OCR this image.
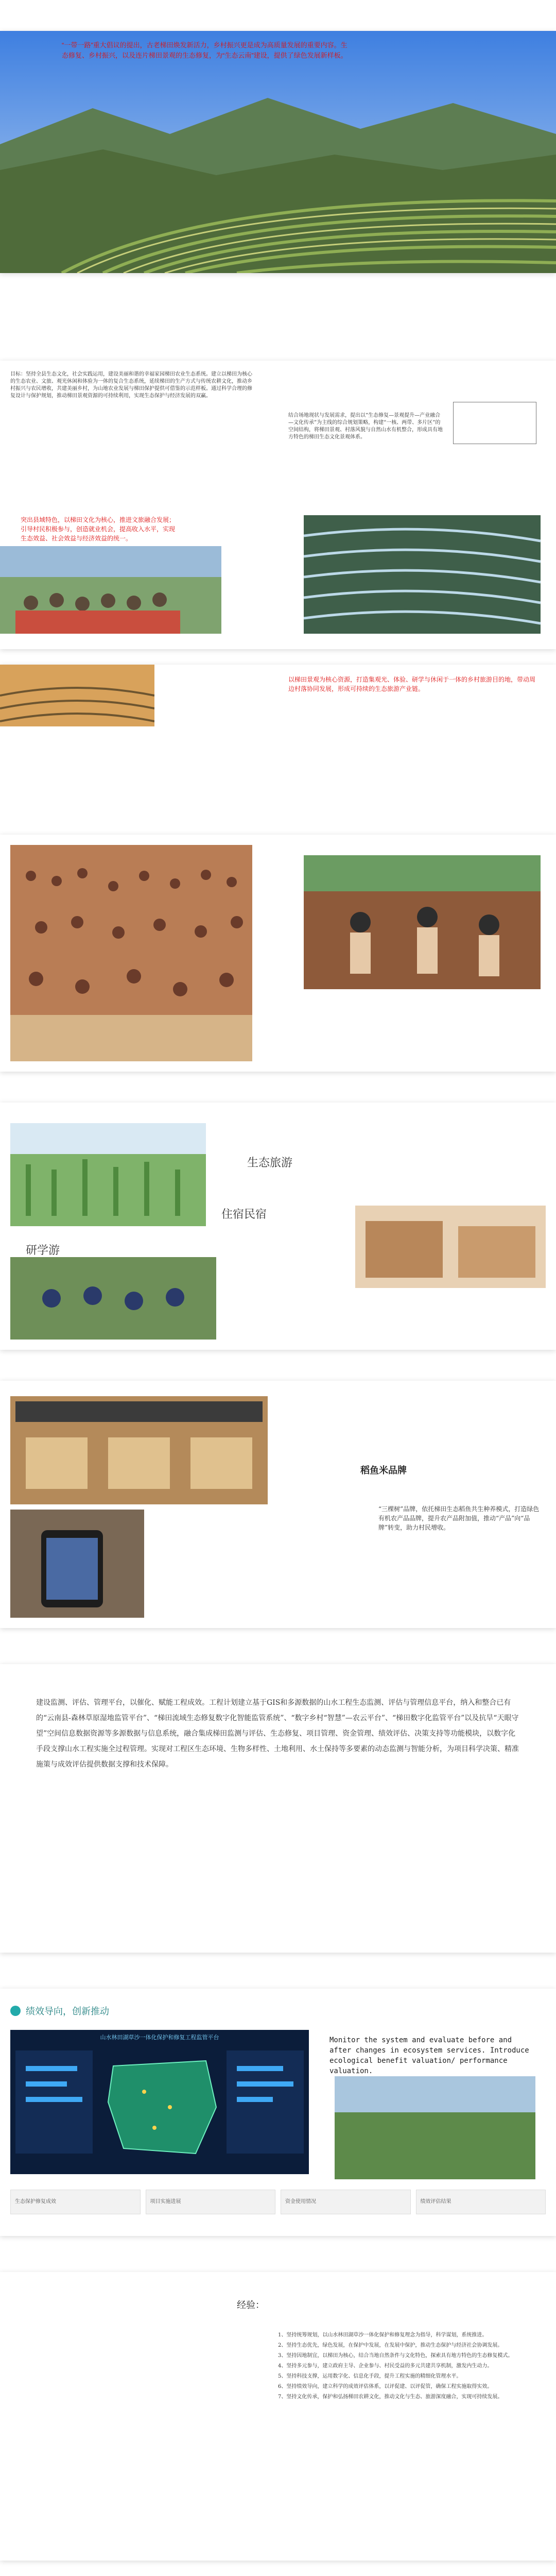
“一带一路”重大倡议的提出，古老梯田焕发新活力，乡村振兴更是成为高质量发展的重要内容。生态修复、乡村振兴，以及连片梯田景观的生态修复，为“生态云南”建设，提供了绿色发展新样板。
目标：坚持全县生态文化，社会实践运用，建设美丽和谐的幸福家园梯田农业生态系统。建立以梯田为核心的生态农业、文旅、观光休闲和体验为一体的复合生态系统，延续梯田的生产方式与传统农耕文化，推动乡村振兴与农民增收，共建美丽乡村，为山地农业发展与梯田保护提供可借鉴的示范样板。通过科学合理的修复设计与保护规划，推动梯田景观资源的可持续利用，实现生态保护与经济发展的双赢。
结合场地现状与发展需求，提出以“生态修复—景观提升—产业融合—文化传承”为主线的综合规划策略，构建“一核、两带、多片区”的空间结构，将梯田景观、村落风貌与自然山水有机整合，形成具有地方特色的梯田生态文化景观体系。
突出县域特色，以梯田文化为核心，推进文旅融合发展；引导村民积极参与，创造就业机会，提高收入水平，实现生态效益、社会效益与经济效益的统一。
以梯田景观为核心资源，打造集观光、体验、研学与休闲于一体的乡村旅游目的地，带动周边村落协同发展，形成可持续的生态旅游产业链。
生态旅游
住宿民宿
研学游
稻鱼米品牌
“三棵树”品牌，依托梯田生态稻鱼共生种养模式，打造绿色有机农产品品牌，提升农产品附加值，推动“产品”向“品牌”转变，助力村民增收。
建设监测、评估、管理平台，以催化、赋能工程成效。工程计划建立基于GIS和多源数据的山水工程生态监测、评估与管理信息平台，纳入和整合已有的“云南县-森林草原湿地监管平台”、“梯田流域生态修复数字化智能监管系统”、“数字乡村“智慧”—农云平台”、“梯田数字化监管平台”以及抗旱“天眼守望”空间信息数据资源等多源数据与信息系统，融合集成梯田监测与评估、生态修复、项目管理、资金管理、绩效评估、决策支持等功能模块，以数字化手段支撑山水工程实施全过程管理。实现对工程区生态环境、生物多样性、土地利用、水土保持等多要素的动态监测与智能分析，为项目科学决策、精准施策与成效评估提供数据支撑和技术保障。
绩效导向，创新推动
山水林田湖草沙一体化保护和修复工程监管平台	Monitor the system and evaluate before and after changes in ecosystem services. Introduce ecological benefit valuation/ performance valuation.
生态保护修复成效	项目实施进展	资金使用情况	绩效评估结果
经验：

1、坚持统筹规划，以山水林田湖草沙一体化保护和修复理念为指导，科学谋划，系统推进。

2、坚持生态优先，绿色发展，在保护中发展，在发展中保护，推动生态保护与经济社会协调发展。

3、坚持因地制宜，以梯田为核心，结合当地自然条件与文化特色，探索具有地方特色的生态修复模式。

4、坚持多元参与，建立政府主导、企业参与、村民受益的多元共建共享机制，激发内生动力。

5、坚持科技支撑，运用数字化、信息化手段，提升工程实施的精细化管理水平。

6、坚持绩效导向，建立科学的成效评估体系，以评促建、以评促管，确保工程实施取得实效。

7、坚持文化传承，保护和弘扬梯田农耕文化，推动文化与生态、旅游深度融合，实现可持续发展。
